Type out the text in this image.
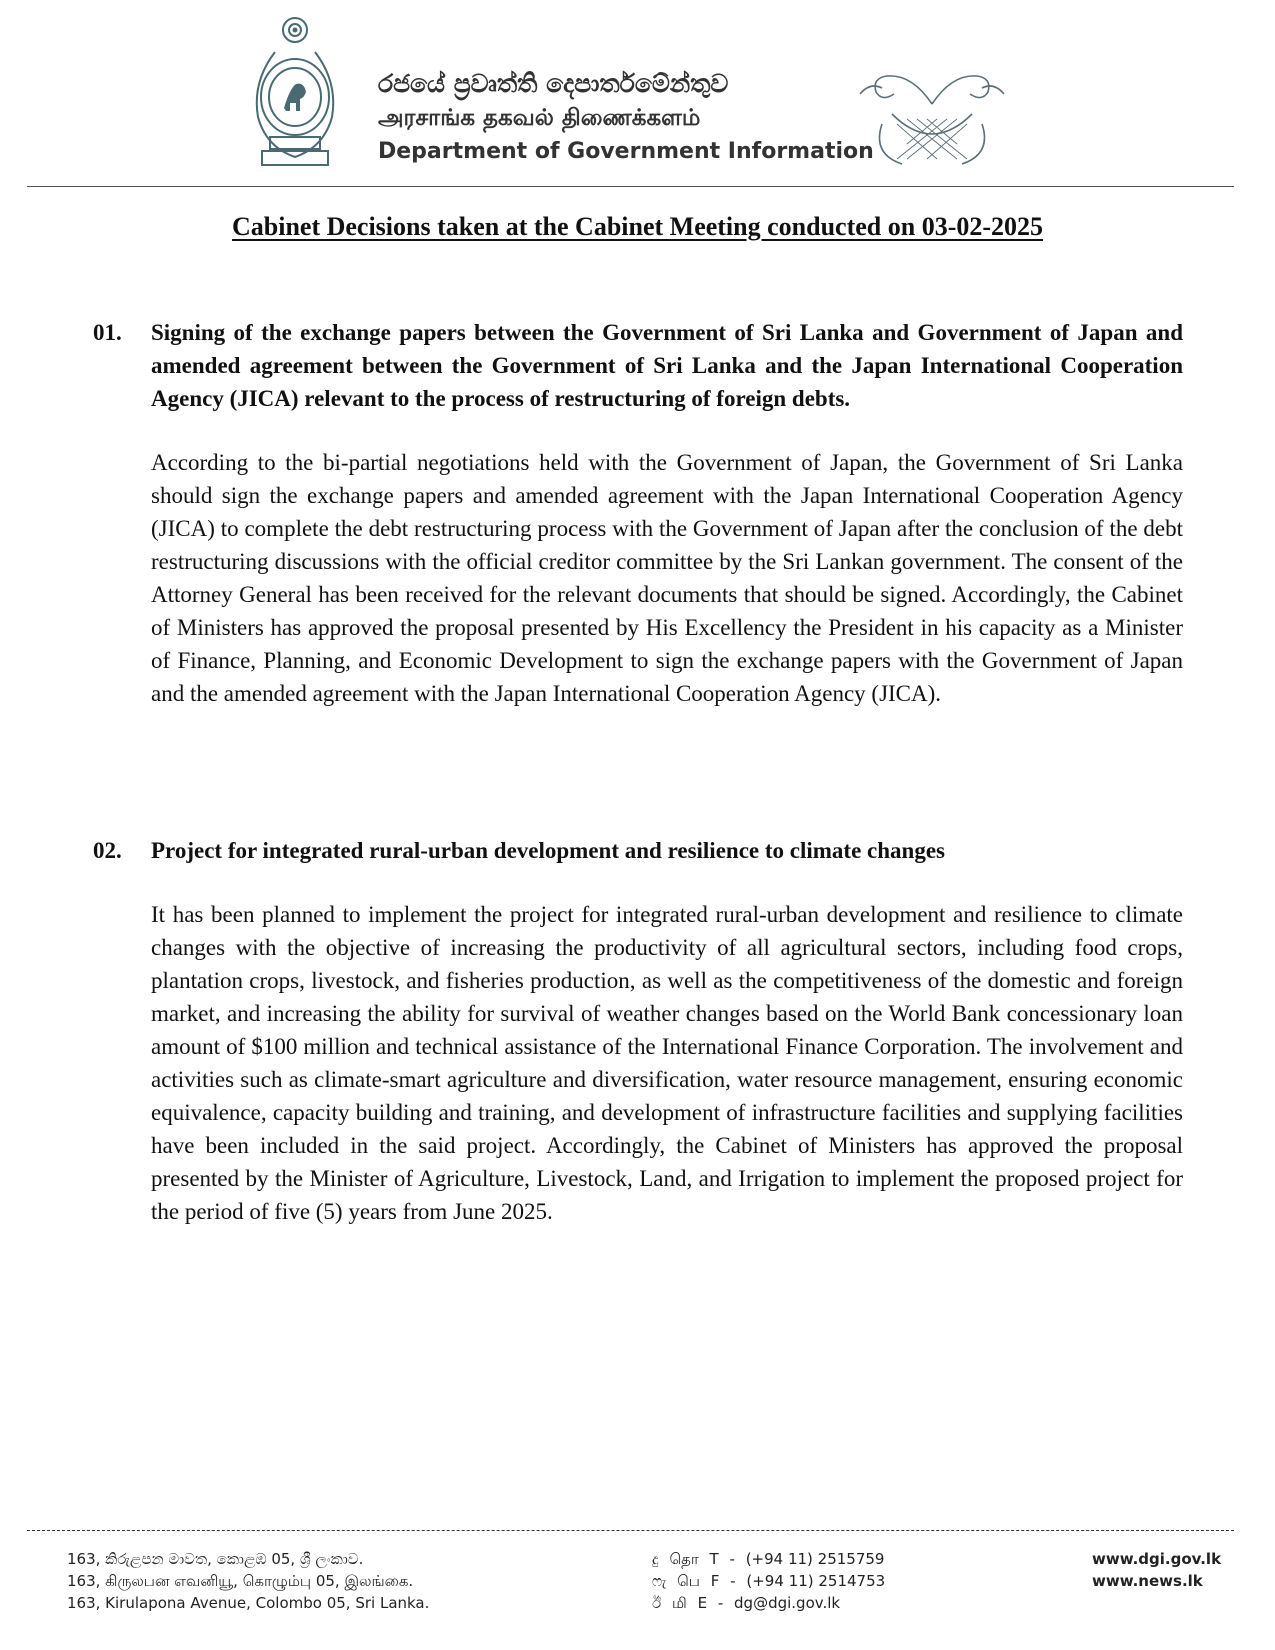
රජයේ ප්‍රවෘත්ති දෙපාර්තමේන්තුව
அரசாங்க தகவல் திணைக்களம்
Department of Government Information
Cabinet Decisions taken at the Cabinet Meeting conducted on 03-02-2025
01. Signing of the exchange papers between the Government of Sri Lanka and Government of Japan and amended agreement between the Government of Sri Lanka and the Japan International Cooperation Agency (JICA) relevant to the process of restructuring of foreign debts.
According to the bi-partial negotiations held with the Government of Japan, the Government of Sri Lanka should sign the exchange papers and amended agreement with the Japan International Cooperation Agency (JICA) to complete the debt restructuring process with the Government of Japan after the conclusion of the debt restructuring discussions with the official creditor committee by the Sri Lankan government. The consent of the Attorney General has been received for the relevant documents that should be signed. Accordingly, the Cabinet of Ministers has approved the proposal presented by His Excellency the President in his capacity as a Minister of Finance, Planning, and Economic Development to sign the exchange papers with the Government of Japan and the amended agreement with the Japan International Cooperation Agency (JICA).
02. Project for integrated rural-urban development and resilience to climate changes
It has been planned to implement the project for integrated rural-urban development and resilience to climate changes with the objective of increasing the productivity of all agricultural sectors, including food crops, plantation crops, livestock, and fisheries production, as well as the competitiveness of the domestic and foreign market, and increasing the ability for survival of weather changes based on the World Bank concessionary loan amount of $100 million and technical assistance of the International Finance Corporation. The involvement and activities such as climate-smart agriculture and diversification, water resource management, ensuring economic equivalence, capacity building and training, and development of infrastructure facilities and supplying facilities have been included in the said project. Accordingly, the Cabinet of Ministers has approved the proposal presented by the Minister of Agriculture, Livestock, Land, and Irrigation to implement the proposed project for the period of five (5) years from June 2025.
163, කිරුළපන මාවත, කොළඹ 05, ශ්‍රී ලංකාව.
163, கிருலபன எவனியூ, கொழும்பு 05, இலங்கை.
163, Kirulapona Avenue, Colombo 05, Sri Lanka.
දු தொ T - (+94 11) 2515759
ෆැ பெ F - (+94 11) 2514753
ඊ மி E - dg@dgi.gov.lk
www.dgi.gov.lk
www.news.lk
